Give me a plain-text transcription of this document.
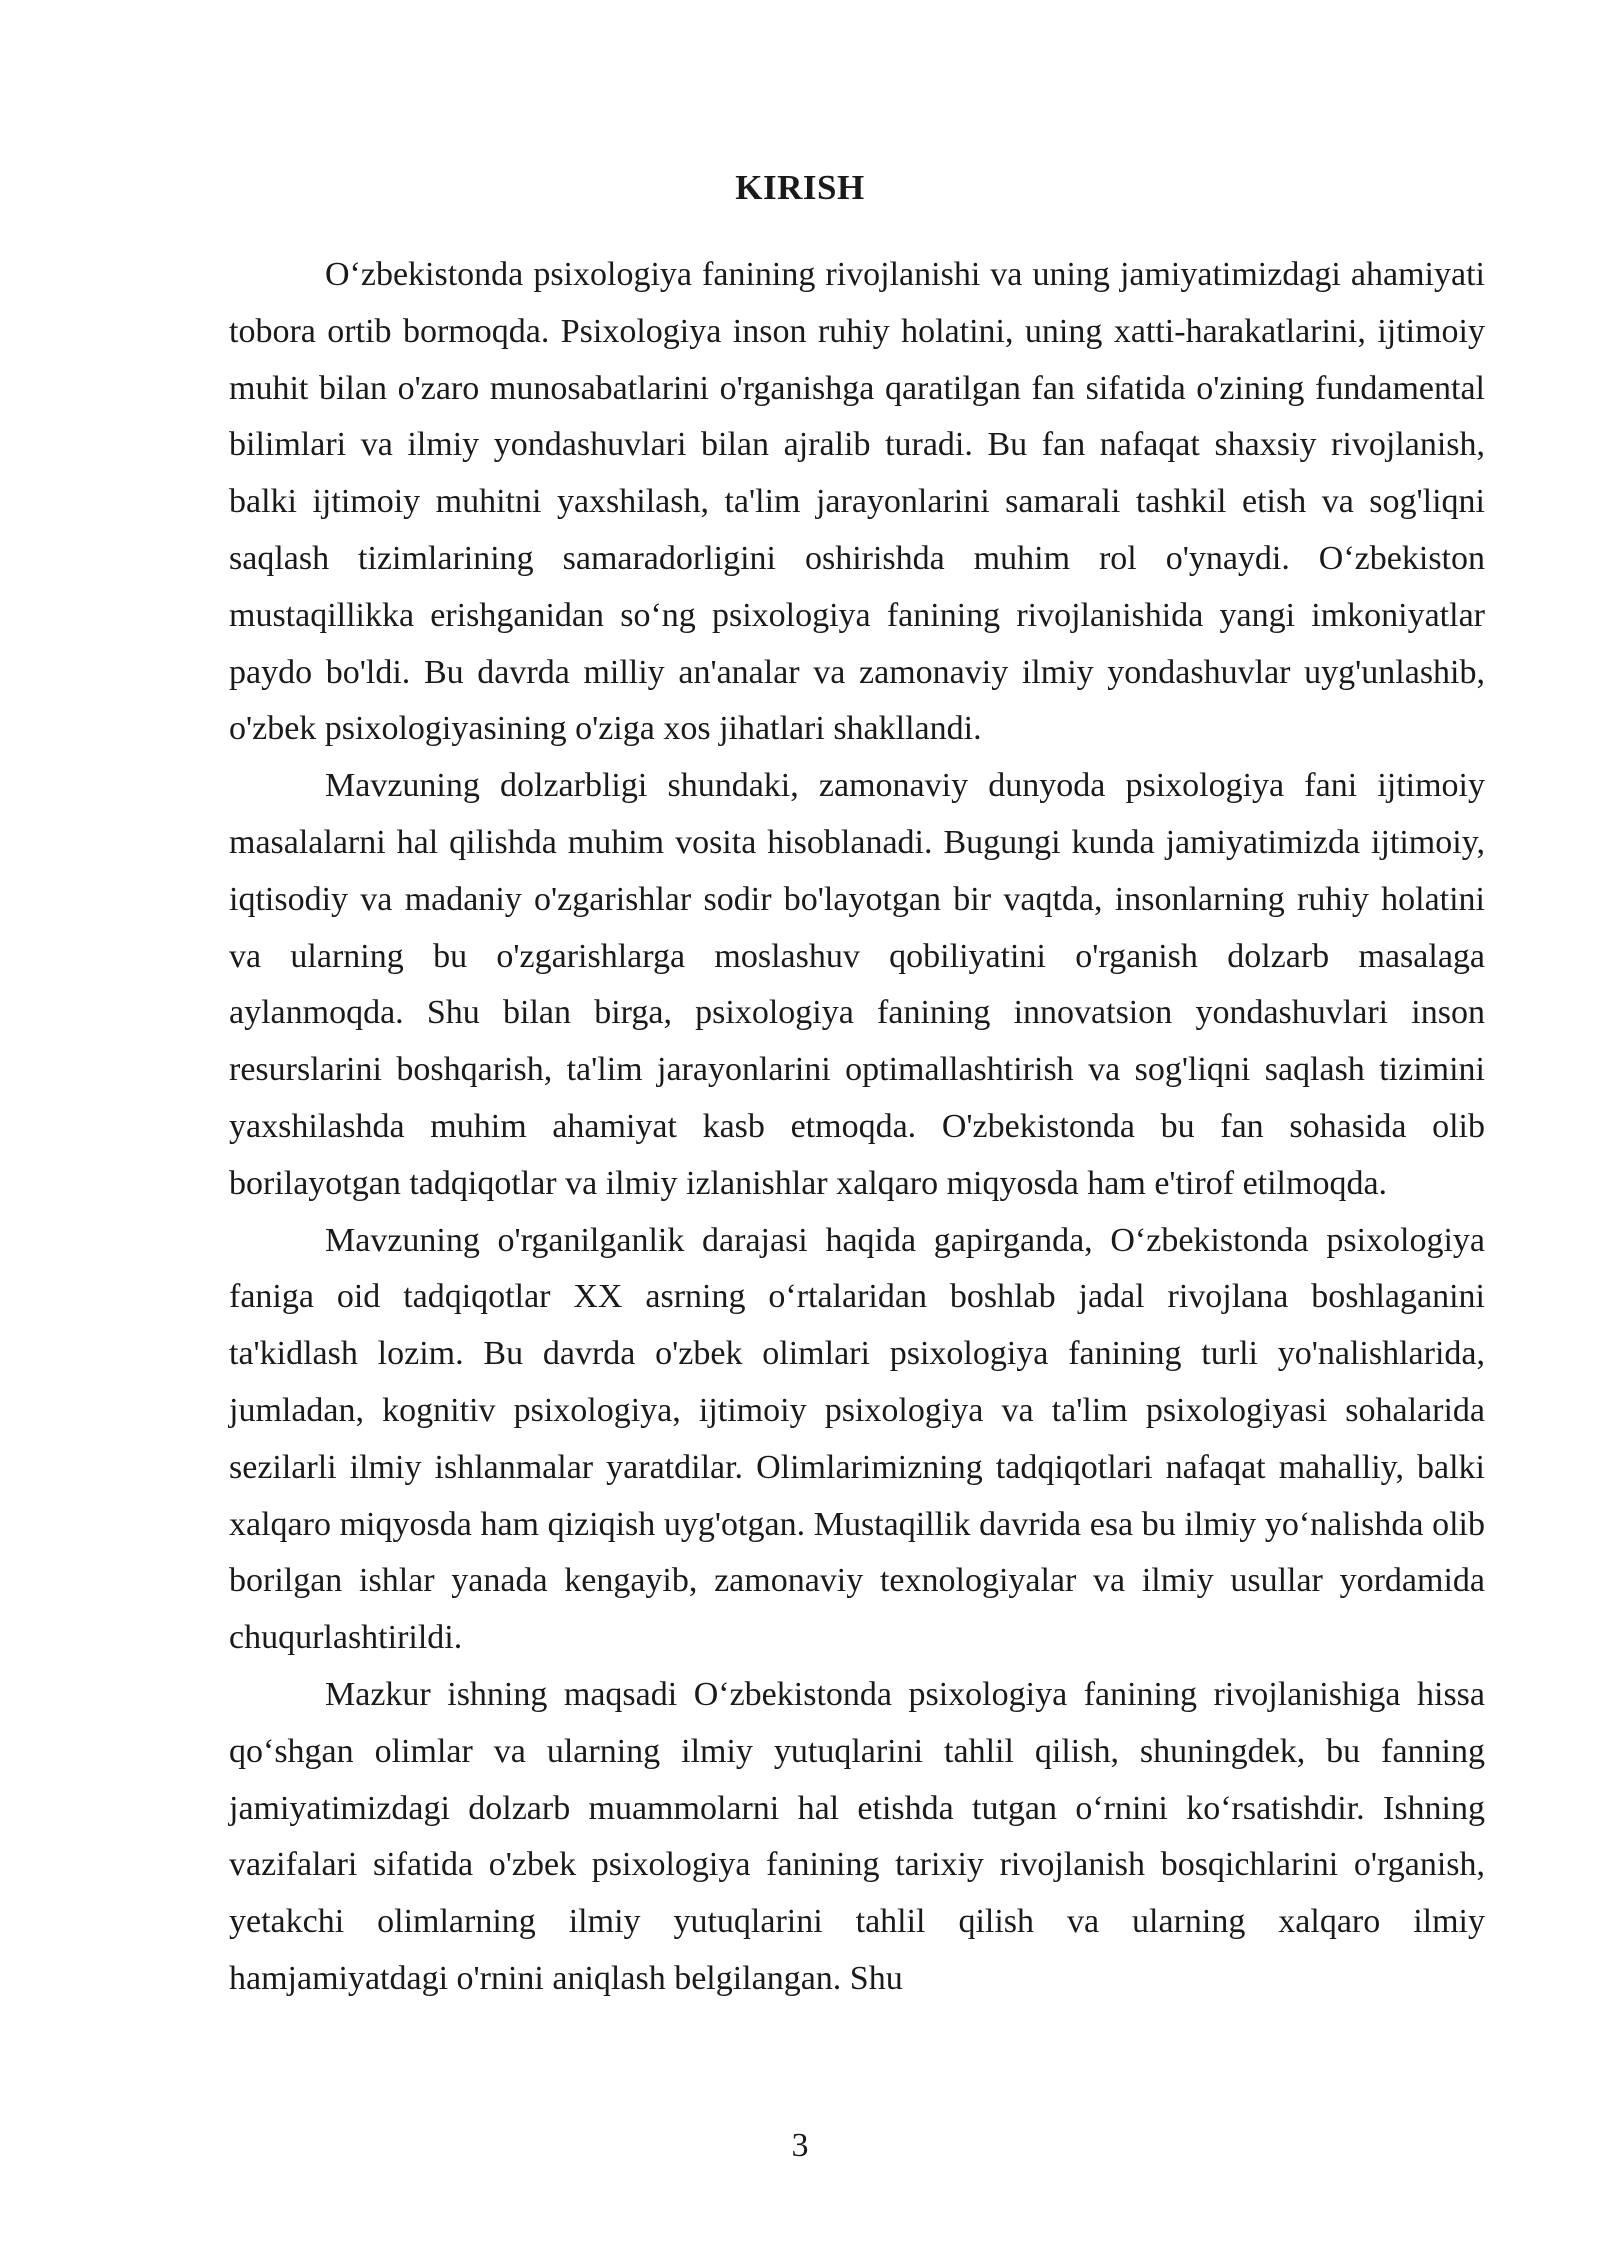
KIRISH

Oʻzbekistonda psixologiya fanining rivojlanishi va uning jamiyatimizdagi ahamiyati tobora ortib bormoqda. Psixologiya inson ruhiy holatini, uning xatti-harakatlarini, ijtimoiy muhit bilan o'zaro munosabatlarini o'rganishga qaratilgan fan sifatida o'zining fundamental bilimlari va ilmiy yondashuvlari bilan ajralib turadi. Bu fan nafaqat shaxsiy rivojlanish, balki ijtimoiy muhitni yaxshilash, ta'lim jarayonlarini samarali tashkil etish va sog'liqni saqlash tizimlarining samaradorligini oshirishda muhim rol o'ynaydi. Oʻzbekiston mustaqillikka erishganidan soʻng psixologiya fanining rivojlanishida yangi imkoniyatlar paydo bo'ldi. Bu davrda milliy an'analar va zamonaviy ilmiy yondashuvlar uyg'unlashib, o'zbek psixologiyasining o'ziga xos jihatlari shakllandi.

Mavzuning dolzarbligi shundaki, zamonaviy dunyoda psixologiya fani ijtimoiy masalalarni hal qilishda muhim vosita hisoblanadi. Bugungi kunda jamiyatimizda ijtimoiy, iqtisodiy va madaniy o'zgarishlar sodir bo'layotgan bir vaqtda, insonlarning ruhiy holatini va ularning bu o'zgarishlarga moslashuv qobiliyatini o'rganish dolzarb masalaga aylanmoqda. Shu bilan birga, psixologiya fanining innovatsion yondashuvlari inson resurslarini boshqarish, ta'lim jarayonlarini optimallashtirish va sog'liqni saqlash tizimini yaxshilashda muhim ahamiyat kasb etmoqda. O'zbekistonda bu fan sohasida olib borilayotgan tadqiqotlar va ilmiy izlanishlar xalqaro miqyosda ham e'tirof etilmoqda.

Mavzuning o'rganilganlik darajasi haqida gapirganda, Oʻzbekistonda psixologiya faniga oid tadqiqotlar XX asrning oʻrtalaridan boshlab jadal rivojlana boshlaganini ta'kidlash lozim. Bu davrda o'zbek olimlari psixologiya fanining turli yo'nalishlarida, jumladan, kognitiv psixologiya, ijtimoiy psixologiya va ta'lim psixologiyasi sohalarida sezilarli ilmiy ishlanmalar yaratdilar. Olimlarimizning tadqiqotlari nafaqat mahalliy, balki xalqaro miqyosda ham qiziqish uyg'otgan. Mustaqillik davrida esa bu ilmiy yoʻnalishda olib borilgan ishlar yanada kengayib, zamonaviy texnologiyalar va ilmiy usullar yordamida chuqurlashtirildi.

Mazkur ishning maqsadi Oʻzbekistonda psixologiya fanining rivojlanishiga hissa qoʻshgan olimlar va ularning ilmiy yutuqlarini tahlil qilish, shuningdek, bu fanning jamiyatimizdagi dolzarb muammolarni hal etishda tutgan oʻrnini koʻrsatishdir. Ishning vazifalari sifatida o'zbek psixologiya fanining tarixiy rivojlanish bosqichlarini o'rganish, yetakchi olimlarning ilmiy yutuqlarini tahlil qilish va ularning xalqaro ilmiy hamjamiyatdagi o'rnini aniqlash belgilangan. Shu

3
